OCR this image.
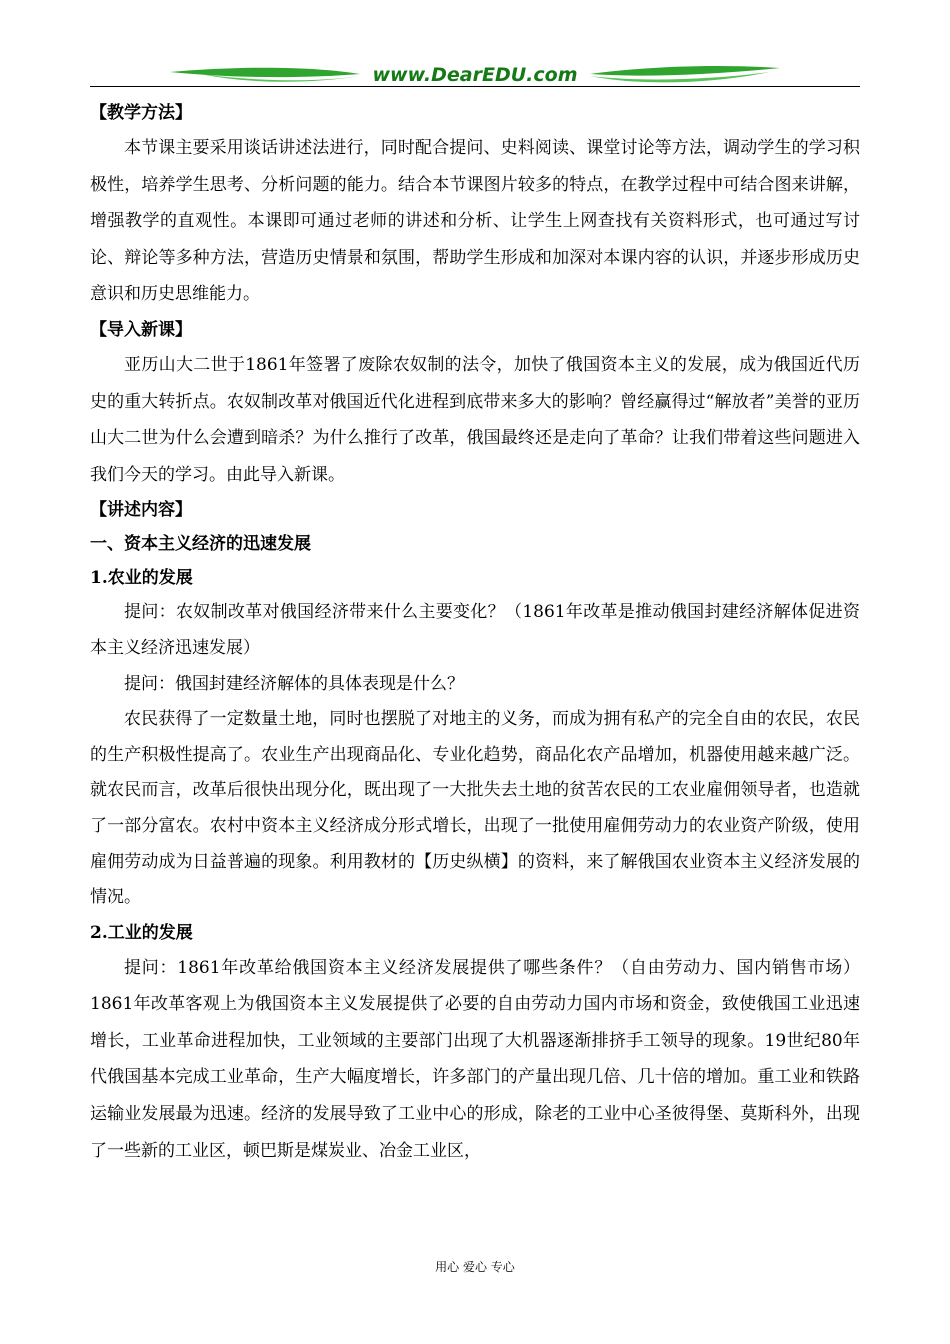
www.DearEDU.com
【教学方法】

本节课主要采用谈话讲述法进行，同时配合提问、史料阅读、课堂讨论等方法，调动学生的学习积极性，培养学生思考、分析问题的能力。结合本节课图片较多的特点，在教学过程中可结合图来讲解，增强教学的直观性。本课即可通过老师的讲述和分析、让学生上网查找有关资料形式，也可通过写讨论、辩论等多种方法，营造历史情景和氛围，帮助学生形成和加深对本课内容的认识，并逐步形成历史意识和历史思维能力。

【导入新课】

亚历山大二世于1861年签署了废除农奴制的法令，加快了俄国资本主义的发展，成为俄国近代历史的重大转折点。农奴制改革对俄国近代化进程到底带来多大的影响？曾经赢得过“解放者”美誉的亚历山大二世为什么会遭到暗杀？为什么推行了改革，俄国最终还是走向了革命？让我们带着这些问题进入我们今天的学习。由此导入新课。

【讲述内容】
一、资本主义经济的迅速发展
1.农业的发展

提问：农奴制改革对俄国经济带来什么主要变化？（1861年改革是推动俄国封建经济解体促进资本主义经济迅速发展）

提问：俄国封建经济解体的具体表现是什么？

农民获得了一定数量土地，同时也摆脱了对地主的义务，而成为拥有私产的完全自由的农民，农民的生产积极性提高了。农业生产出现商品化、专业化趋势，商品化农产品增加，机器使用越来越广泛。就农民而言，改革后很快出现分化，既出现了一大批失去土地的贫苦农民的工农业雇佣领导者，也造就了一部分富农。农村中资本主义经济成分形式增长，出现了一批使用雇佣劳动力的农业资产阶级，使用雇佣劳动成为日益普遍的现象。利用教材的【历史纵横】的资料，来了解俄国农业资本主义经济发展的情况。

2.工业的发展

提问：1861年改革给俄国资本主义经济发展提供了哪些条件？（自由劳动力、国内销售市场）1861年改革客观上为俄国资本主义发展提供了必要的自由劳动力国内市场和资金，致使俄国工业迅速增长，工业革命进程加快，工业领域的主要部门出现了大机器逐渐排挤手工领导的现象。19世纪80年代俄国基本完成工业革命，生产大幅度增长，许多部门的产量出现几倍、几十倍的增加。重工业和铁路运输业发展最为迅速。经济的发展导致了工业中心的形成，除老的工业中心圣彼得堡、莫斯科外，出现了一些新的工业区，顿巴斯是煤炭业、冶金工业区，

用心 爱心 专心
